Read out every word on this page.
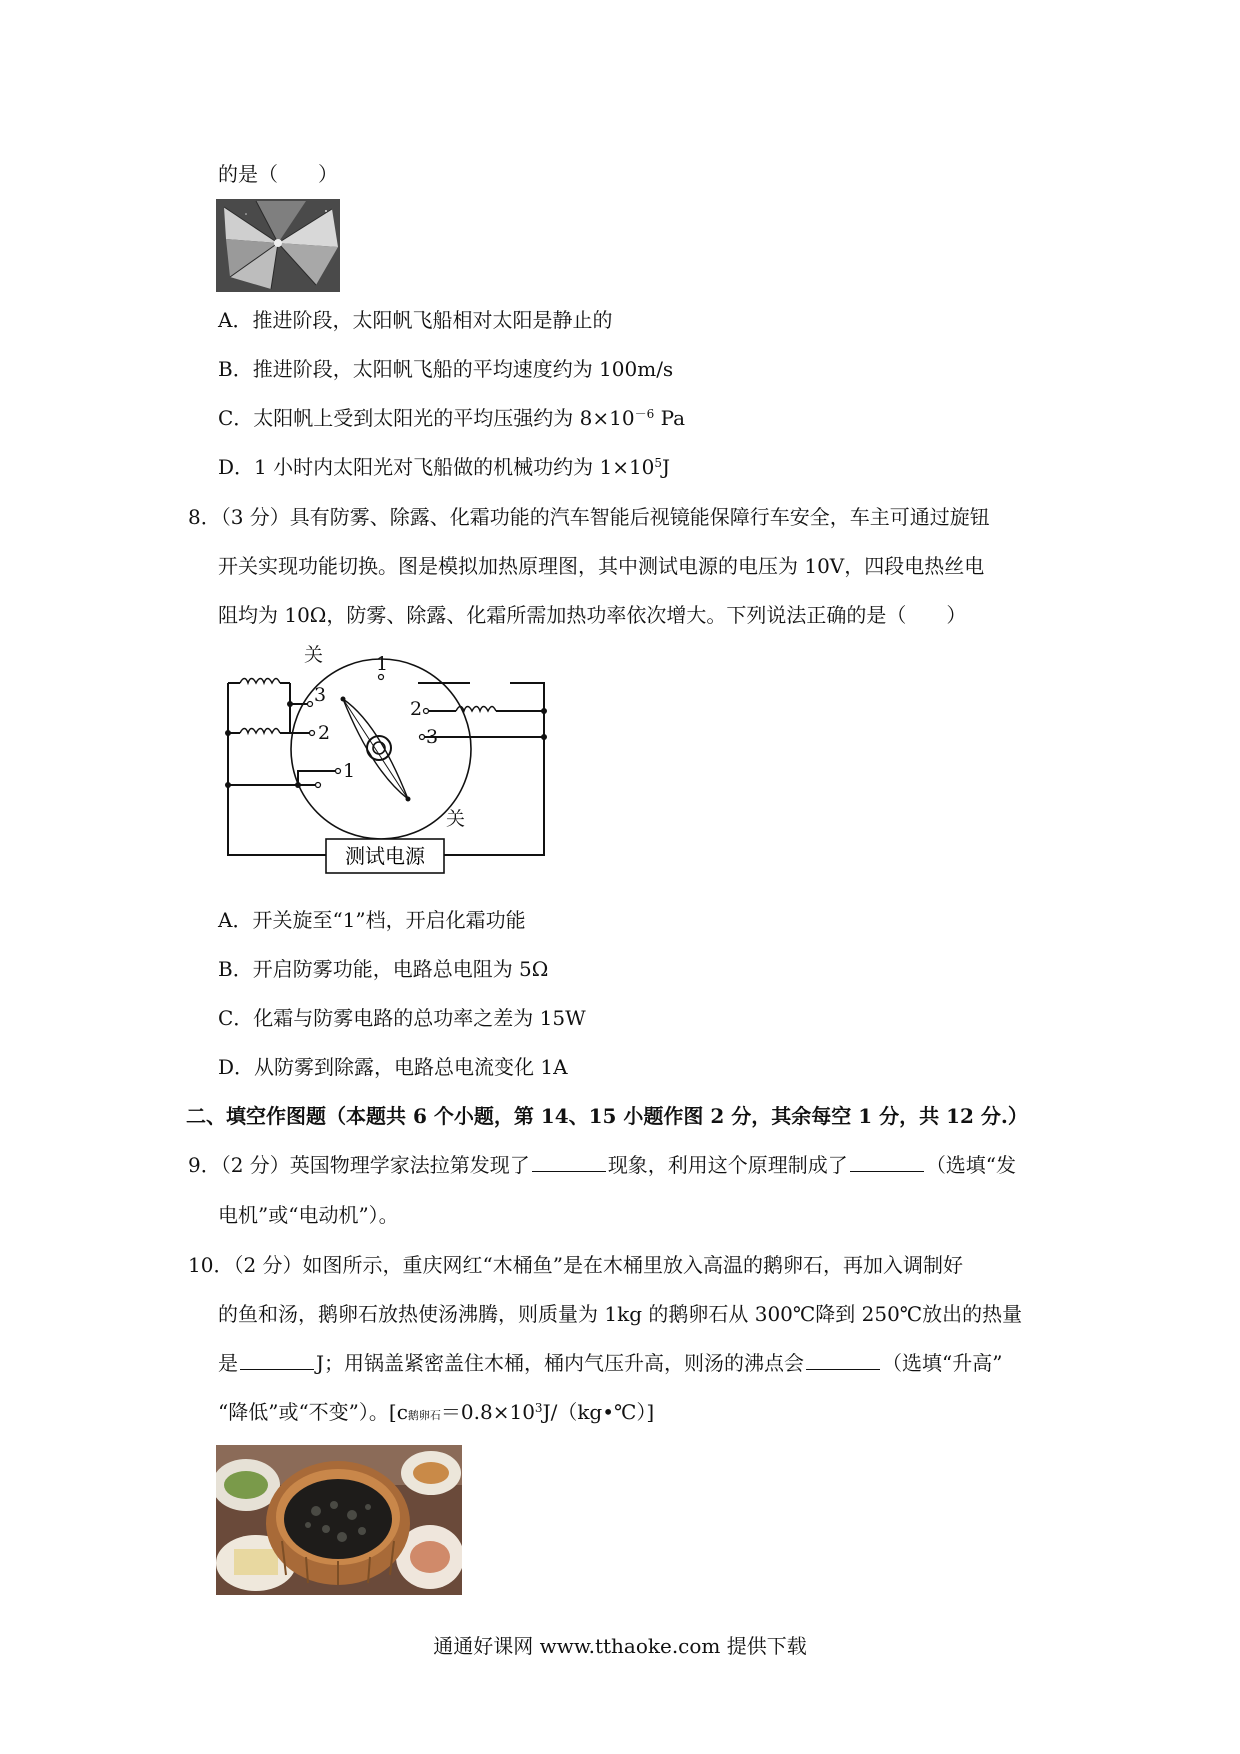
的是（　　）
A．推进阶段，太阳帆飞船相对太阳是静止的
B．推进阶段，太阳帆飞船的平均速度约为 100m/s
C．太阳帆上受到太阳光的平均压强约为 $8\times 10^{-6}$ Pa
D．1 小时内太阳光对飞船做的机械功约为 $1\times 10^5J$
8．（3 分）具有防雾、除露、化霜功能的汽车智能后视镜能保障行车安全，车主可通过旋钮
开关实现功能切换。图是模拟加热原理图，其中测试电源的电压为 10V，四段电热丝电
阻均为 10Ω，防雾、除露、化霜所需加热功率依次增大。下列说法正确的是（　　）
测试电源
关
关
3
2
1
1
2
3
A．开关旋至“1”档，开启化霜功能
B．开启防雾功能，电路总电阻为 5Ω
C．化霜与防雾电路的总功率之差为 15W
D．从防雾到除露，电路总电流变化 1A
二、填空作图题（本题共 6 个小题，第 14、15 小题作图 2 分，其余每空 1 分，共 12 分.）
9．（2 分）英国物理学家法拉第发现了	现象，利用这个原理制成了	（选填“发
电机”或“电动机”）。
10．（2 分）如图所示，重庆网红“木桶鱼”是在木桶里放入高温的鹅卵石，再加入调制好
的鱼和汤，鹅卵石放热使汤沸腾，则质量为 1kg 的鹅卵石从 300℃降到 250℃放出的热量
是	J；用锅盖紧密盖住木桶，桶内气压升高，则汤的沸点会	（选填“升高”
“降低”或“不变”）。[c鹅卵石$=0.8\times 10^3J/(kg•℃)$]
通通好课网 www.tthaoke.com 提供下载
